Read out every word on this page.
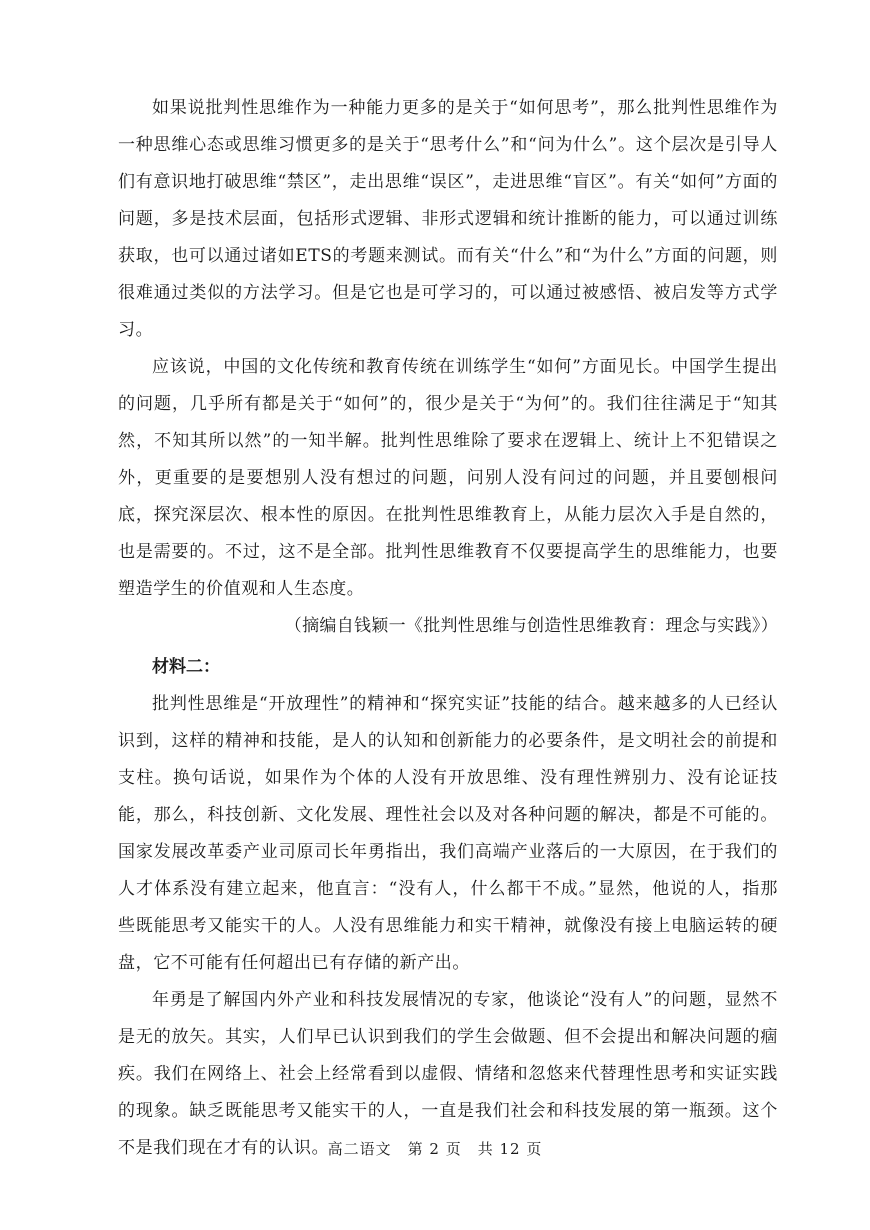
如果说批判性思维作为一种能力更多的是关于“如何思考”，那么批判性思维作为一种思维心态或思维习惯更多的是关于“思考什么”和“问为什么”。这个层次是引导人们有意识地打破思维“禁区”，走出思维“误区”，走进思维“盲区”。有关“如何”方面的问题，多是技术层面，包括形式逻辑、非形式逻辑和统计推断的能力，可以通过训练获取，也可以通过诸如ETS的考题来测试。而有关“什么”和“为什么”方面的问题，则很难通过类似的方法学习。但是它也是可学习的，可以通过被感悟、被启发等方式学习。

应该说，中国的文化传统和教育传统在训练学生“如何”方面见长。中国学生提出的问题，几乎所有都是关于“如何”的，很少是关于“为何”的。我们往往满足于“知其然，不知其所以然”的一知半解。批判性思维除了要求在逻辑上、统计上不犯错误之外，更重要的是要想别人没有想过的问题，问别人没有问过的问题，并且要刨根问底，探究深层次、根本性的原因。在批判性思维教育上，从能力层次入手是自然的，也是需要的。不过，这不是全部。批判性思维教育不仅要提高学生的思维能力，也要塑造学生的价值观和人生态度。

（摘编自钱颖一《批判性思维与创造性思维教育：理念与实践》）

材料二：

批判性思维是“开放理性”的精神和“探究实证”技能的结合。越来越多的人已经认识到，这样的精神和技能，是人的认知和创新能力的必要条件，是文明社会的前提和支柱。换句话说，如果作为个体的人没有开放思维、没有理性辨别力、没有论证技能，那么，科技创新、文化发展、理性社会以及对各种问题的解决，都是不可能的。国家发展改革委产业司原司长年勇指出，我们高端产业落后的一大原因，在于我们的人才体系没有建立起来，他直言：“没有人，什么都干不成。”显然，他说的人，指那些既能思考又能实干的人。人没有思维能力和实干精神，就像没有接上电脑运转的硬盘，它不可能有任何超出已有存储的新产出。

年勇是了解国内外产业和科技发展情况的专家，他谈论“没有人”的问题，显然不是无的放矢。其实，人们早已认识到我们的学生会做题、但不会提出和解决问题的痼疾。我们在网络上、社会上经常看到以虚假、情绪和忽悠来代替理性思考和实证实践的现象。缺乏既能思考又能实干的人，一直是我们社会和科技发展的第一瓶颈。这个不是我们现在才有的认识。

高二语文　第 2 页　共 12 页
